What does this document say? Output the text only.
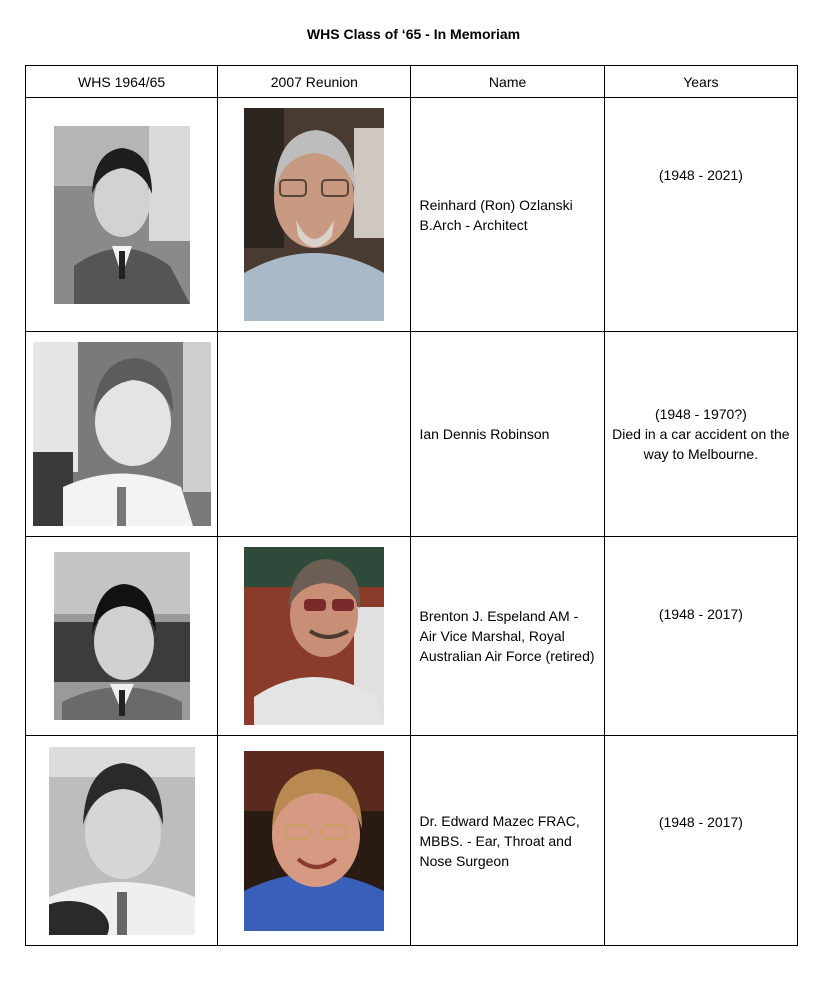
WHS Class of ‘65 - In Memoriam
WHS 1964/65	2007 Reunion	Name	Years

	Reinhard (Ron) Ozlanski B.Arch - Architect	(1948 - 2021)

		Ian Dennis Robinson	(1948 - 1970?)
Died in a car accident on the way to Melbourne.

	Brenton J. Espeland AM - Air Vice Marshal, Royal Australian Air Force (retired)	(1948 - 2017)

	Dr. Edward Mazec FRAC, MBBS. - Ear, Throat and Nose Surgeon	(1948 - 2017)
